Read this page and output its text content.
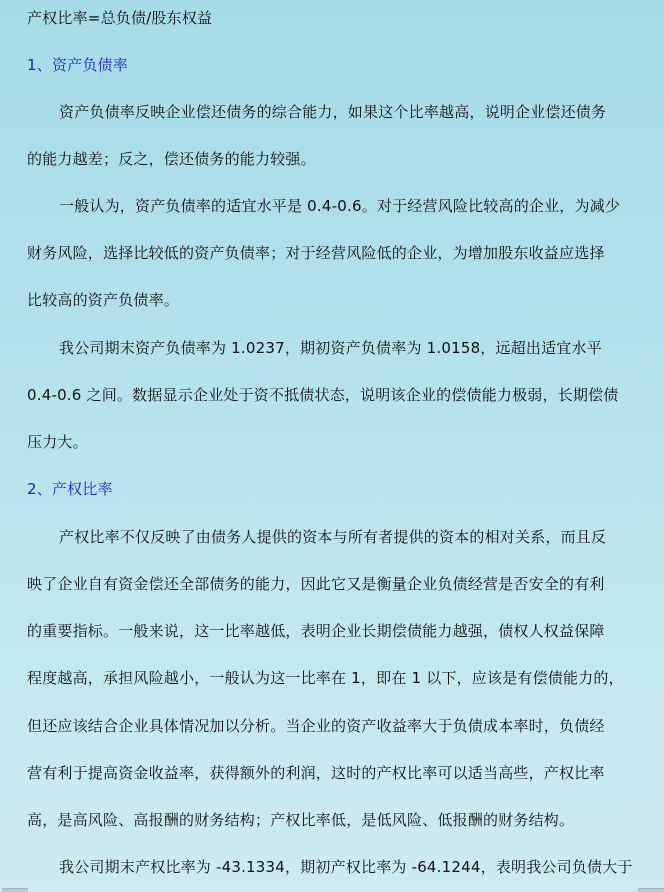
产权比率=总负债/股东权益
1、资产负债率
资产负债率反映企业偿还债务的综合能力，如果这个比率越高，说明企业偿还债务
的能力越差；反之，偿还债务的能力较强。
一般认为，资产负债率的适宜水平是 0.4-0.6。对于经营风险比较高的企业，为减少
财务风险，选择比较低的资产负债率；对于经营风险低的企业，为增加股东收益应选择
比较高的资产负债率。
我公司期末资产负债率为 1.0237，期初资产负债率为 1.0158，远超出适宜水平
0.4-0.6 之间。数据显示企业处于资不抵债状态，说明该企业的偿债能力极弱，长期偿债
压力大。
2、产权比率
产权比率不仅反映了由债务人提供的资本与所有者提供的资本的相对关系，而且反
映了企业自有资金偿还全部债务的能力，因此它又是衡量企业负债经营是否安全的有利
的重要指标。一般来说，这一比率越低，表明企业长期偿债能力越强，债权人权益保障
程度越高，承担风险越小，一般认为这一比率在 1，即在 1 以下，应该是有偿债能力的，
但还应该结合企业具体情况加以分析。当企业的资产收益率大于负债成本率时，负债经
营有利于提高资金收益率，获得额外的利润，这时的产权比率可以适当高些，产权比率
高，是高风险、高报酬的财务结构；产权比率低，是低风险、低报酬的财务结构。
我公司期末产权比率为 -43.1334，期初产权比率为 -64.1244，表明我公司负债大于
